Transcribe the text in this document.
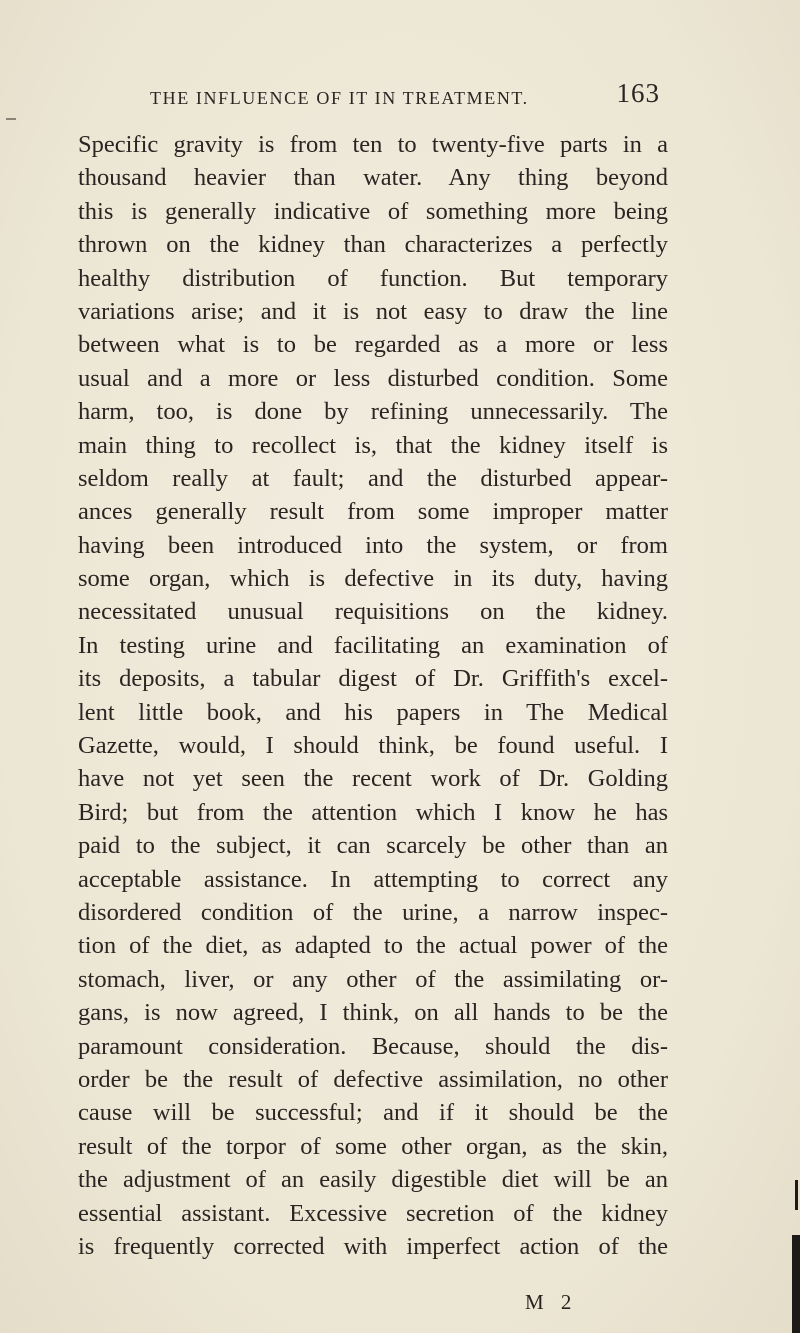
THE INFLUENCE OF IT IN TREATMENT.	163
Specific gravity is from ten to twenty-five parts in a
thousand heavier than water. Any thing beyond
this is generally indicative of something more being
thrown on the kidney than characterizes a perfectly
healthy distribution of function. But temporary
variations arise; and it is not easy to draw the line
between what is to be regarded as a more or less
usual and a more or less disturbed condition. Some
harm, too, is done by refining unnecessarily. The
main thing to recollect is, that the kidney itself is
seldom really at fault; and the disturbed appear-
ances generally result from some improper matter
having been introduced into the system, or from
some organ, which is defective in its duty, having
necessitated unusual requisitions on the kidney.
In testing urine and facilitating an examination of
its deposits, a tabular digest of Dr. Griffith's excel-
lent little book, and his papers in The Medical
Gazette, would, I should think, be found useful. I
have not yet seen the recent work of Dr. Golding
Bird; but from the attention which I know he has
paid to the subject, it can scarcely be other than an
acceptable assistance. In attempting to correct any
disordered condition of the urine, a narrow inspec-
tion of the diet, as adapted to the actual power of the
stomach, liver, or any other of the assimilating or-
gans, is now agreed, I think, on all hands to be the
paramount consideration. Because, should the dis-
order be the result of defective assimilation, no other
cause will be successful; and if it should be the
result of the torpor of some other organ, as the skin,
the adjustment of an easily digestible diet will be an
essential assistant. Excessive secretion of the kidney
is frequently corrected with imperfect action of the
M 2
